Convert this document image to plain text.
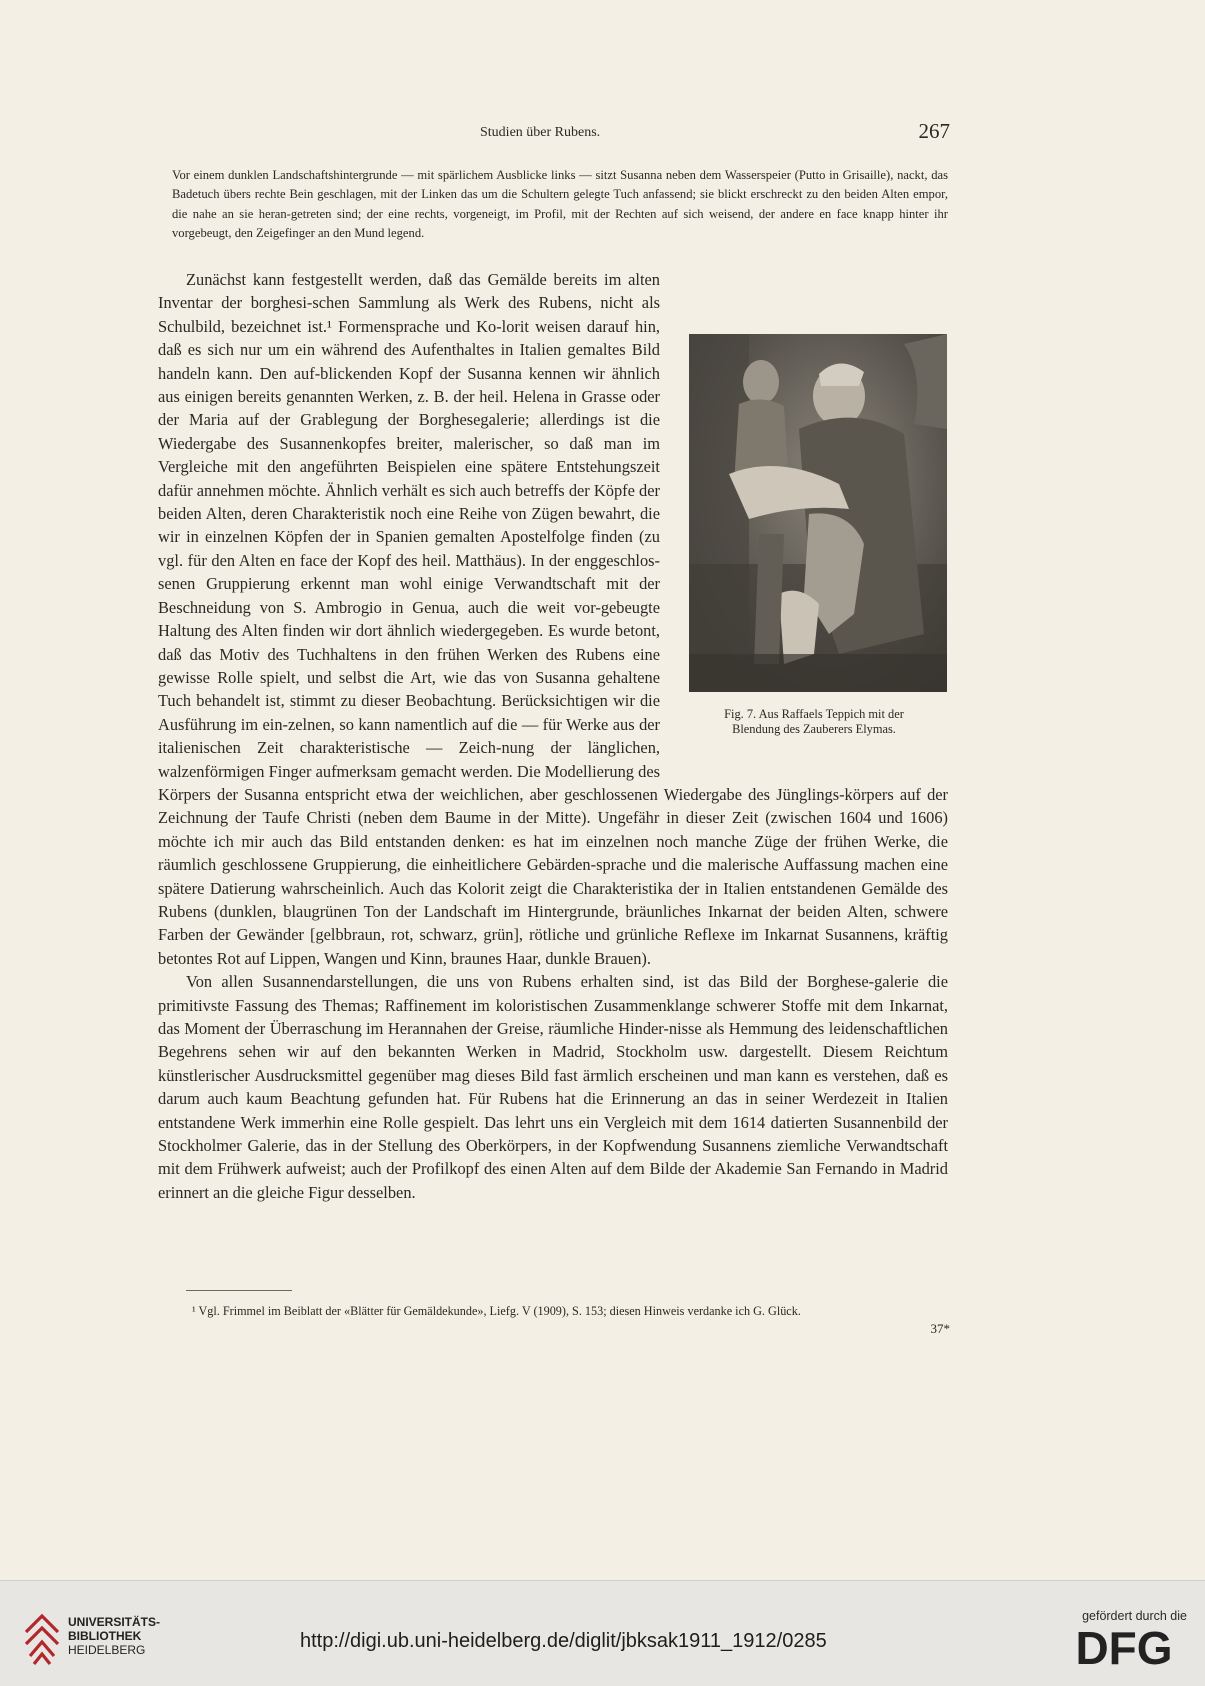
Studien über Rubens.	267
Vor einem dunklen Landschaftshintergrunde — mit spärlichem Ausblicke links — sitzt Susanna neben dem Wasserspeier (Putto in Grisaille), nackt, das Badetuch übers rechte Bein geschlagen, mit der Linken das um die Schultern gelegte Tuch anfassend; sie blickt erschreckt zu den beiden Alten empor, die nahe an sie heran-getreten sind; der eine rechts, vorgeneigt, im Profil, mit der Rechten auf sich weisend, der andere en face knapp hinter ihr vorgebeugt, den Zeigefinger an den Mund legend.
Fig. 7. Aus Raffaels Teppich mit der
Blendung des Zauberers Elymas.

Zunächst kann festgestellt werden, daß das Gemälde bereits im alten Inventar der borghesi-schen Sammlung als Werk des Rubens, nicht als Schulbild, bezeichnet ist.¹ Formensprache und Ko-lorit weisen darauf hin, daß es sich nur um ein während des Aufenthaltes in Italien gemaltes Bild handeln kann. Den auf-blickenden Kopf der Susanna kennen wir ähnlich aus einigen bereits genannten Werken, z. B. der heil. Helena in Grasse oder der Maria auf der Grablegung der Borghesegalerie; allerdings ist die Wiedergabe des Susannenkopfes breiter, malerischer, so daß man im Vergleiche mit den angeführten Beispielen eine spätere Entstehungszeit dafür annehmen möchte. Ähnlich verhält es sich auch betreffs der Köpfe der beiden Alten, deren Charakteristik noch eine Reihe von Zügen bewahrt, die wir in einzelnen Köpfen der in Spanien gemalten Apostelfolge finden (zu vgl. für den Alten en face der Kopf des heil. Matthäus). In der enggeschlos-senen Gruppierung erkennt man wohl einige Verwandtschaft mit der Beschneidung von S. Ambrogio in Genua, auch die weit vor-gebeugte Haltung des Alten finden wir dort ähnlich wiedergegeben. Es wurde betont, daß das Motiv des Tuchhaltens in den frühen Werken des Rubens eine gewisse Rolle spielt, und selbst die Art, wie das von Susanna gehaltene Tuch behandelt ist, stimmt zu dieser Beobachtung. Berücksichtigen wir die Ausführung im ein-zelnen, so kann namentlich auf die — für Werke aus der italienischen Zeit charakteristische — Zeich-nung der länglichen, walzenförmigen Finger aufmerksam gemacht werden. Die Modellierung des Körpers der Susanna entspricht etwa der weichlichen, aber geschlossenen Wiedergabe des Jünglings-körpers auf der Zeichnung der Taufe Christi (neben dem Baume in der Mitte). Ungefähr in dieser Zeit (zwischen 1604 und 1606) möchte ich mir auch das Bild entstanden denken: es hat im einzelnen noch manche Züge der frühen Werke, die räumlich geschlossene Gruppierung, die einheitlichere Gebärden-sprache und die malerische Auffassung machen eine spätere Datierung wahrscheinlich. Auch das Kolorit zeigt die Charakteristika der in Italien entstandenen Gemälde des Rubens (dunklen, blaugrünen Ton der Landschaft im Hintergrunde, bräunliches Inkarnat der beiden Alten, schwere Farben der Gewänder [gelbbraun, rot, schwarz, grün], rötliche und grünliche Reflexe im Inkarnat Susannens, kräftig betontes Rot auf Lippen, Wangen und Kinn, braunes Haar, dunkle Brauen).

Von allen Susannendarstellungen, die uns von Rubens erhalten sind, ist das Bild der Borghese-galerie die primitivste Fassung des Themas; Raffinement im koloristischen Zusammenklange schwerer Stoffe mit dem Inkarnat, das Moment der Überraschung im Herannahen der Greise, räumliche Hinder-nisse als Hemmung des leidenschaftlichen Begehrens sehen wir auf den bekannten Werken in Madrid, Stockholm usw. dargestellt. Diesem Reichtum künstlerischer Ausdrucksmittel gegenüber mag dieses Bild fast ärmlich erscheinen und man kann es verstehen, daß es darum auch kaum Beachtung gefunden hat. Für Rubens hat die Erinnerung an das in seiner Werdezeit in Italien entstandene Werk immerhin eine Rolle gespielt. Das lehrt uns ein Vergleich mit dem 1614 datierten Susannenbild der Stockholmer Galerie, das in der Stellung des Oberkörpers, in der Kopfwendung Susannens ziemliche Verwandtschaft mit dem Frühwerk aufweist; auch der Profilkopf des einen Alten auf dem Bilde der Akademie San Fernando in Madrid erinnert an die gleiche Figur desselben.

¹ Vgl. Frimmel im Beiblatt der «Blätter für Gemäldekunde», Liefg. V (1909), S. 153; diesen Hinweis verdanke ich G. Glück.
37*
UNIVERSITÄTS-
BIBLIOTHEK
HEIDELBERG	http://digi.ub.uni-heidelberg.de/diglit/jbksak1911_1912/0285
gefördert durch die
DFG
